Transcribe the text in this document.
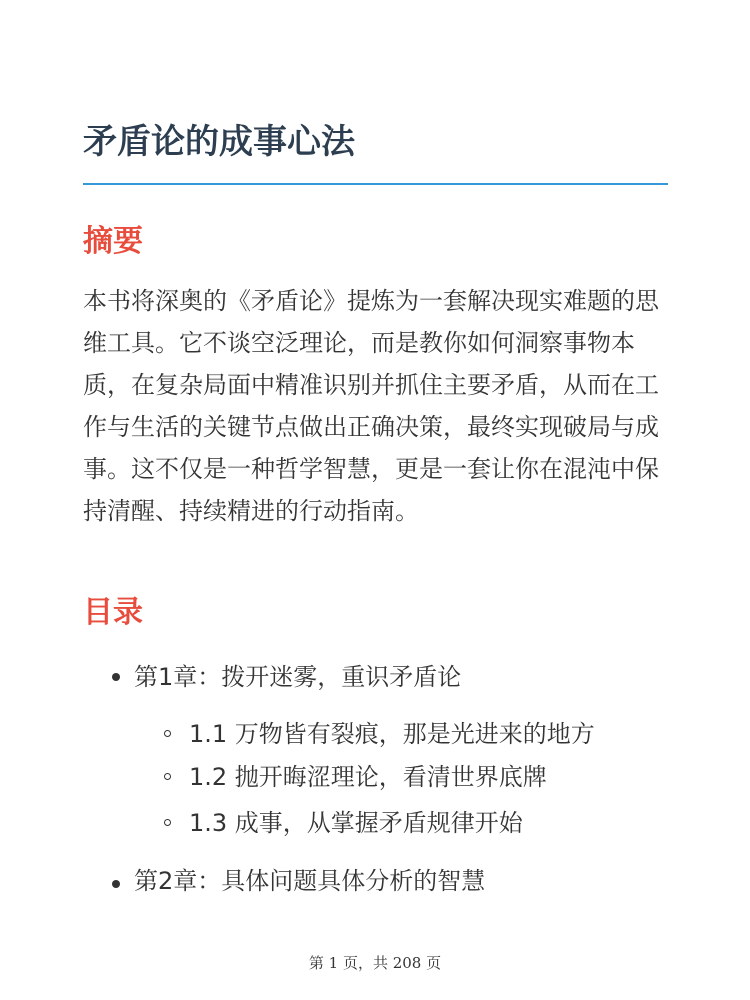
矛盾论的成事心法
摘要

本书将深奥的《矛盾论》提炼为一套解决现实难题的思维工具。它不谈空泛理论，而是教你如何洞察事物本质，在复杂局面中精准识别并抓住主要矛盾，从而在工作与生活的关键节点做出正确决策，最终实现破局与成事。这不仅是一种哲学智慧，更是一套让你在混沌中保持清醒、持续精进的行动指南。

目录
第1章：拨开迷雾，重识矛盾论
1.1 万物皆有裂痕，那是光进来的地方
1.2 抛开晦涩理论，看清世界底牌
1.3 成事，从掌握矛盾规律开始
第2章：具体问题具体分析的智慧
第 1 页，共 208 页
